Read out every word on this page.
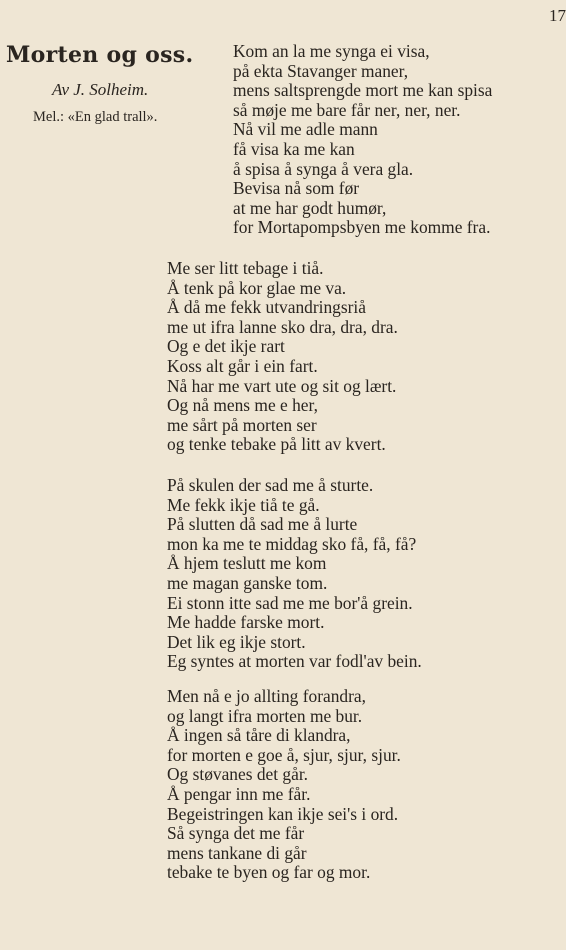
17
Morten og oss.
Av J. Solheim.
Mel.: «En glad trall».
Kom an la me synga ei visa,
på ekta Stavanger maner,
mens saltsprengde mort me kan spisa
så møje me bare får ner, ner, ner.
Nå vil me adle mann
få visa ka me kan
å spisa å synga å vera gla.
Bevisa nå som før
at me har godt humør,
for Mortapompsbyen me komme fra.
Me ser litt tebage i tiå.
Å tenk på kor glae me va.
Å då me fekk utvandringsriå
me ut ifra lanne sko dra, dra, dra.
Og e det ikje rart
Koss alt går i ein fart.
Nå har me vart ute og sit og lært.
Og nå mens me e her,
me sårt på morten ser
og tenke tebake på litt av kvert.
På skulen der sad me å sturte.
Me fekk ikje tiå te gå.
På slutten då sad me å lurte
mon ka me te middag sko få, få, få?
Å hjem teslutt me kom
me magan ganske tom.
Ei stonn itte sad me me bor'å grein.
Me hadde farske mort.
Det lik eg ikje stort.
Eg syntes at morten var fodl'av bein.
Men nå e jo allting forandra,
og langt ifra morten me bur.
Å ingen så tåre di klandra,
for morten e goe å, sjur, sjur, sjur.
Og støvanes det går.
Å pengar inn me får.
Begeistringen kan ikje sei's i ord.
Så synga det me får
mens tankane di går
tebake te byen og far og mor.
